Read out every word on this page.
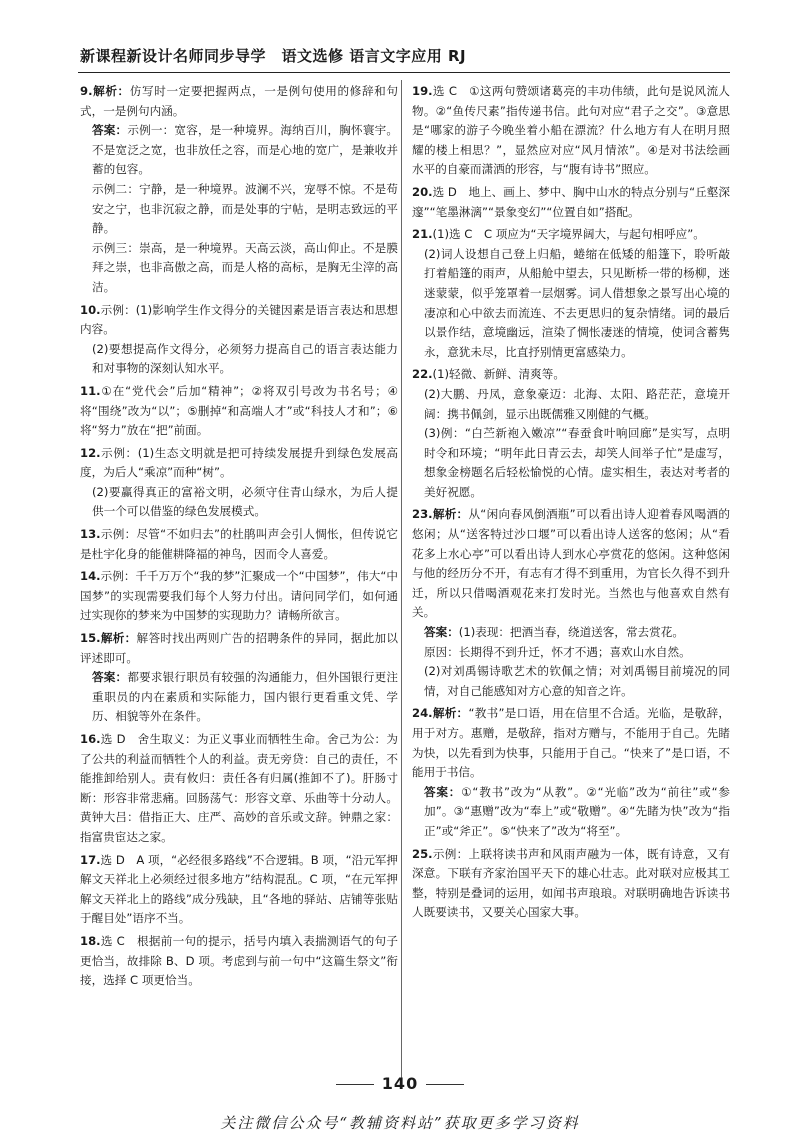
新课程新设计名师同步导学　语文选修 语言文字应用 RJ

9.解析：仿写时一定要把握两点，一是例句使用的修辞和句式，一是例句内涵。

答案：示例一：宽容，是一种境界。海纳百川，胸怀寰宇。不是宽泛之宽，也非放任之容，而是心地的宽广，是兼收并蓄的包容。

示例二：宁静，是一种境界。波澜不兴，宠辱不惊。不是苟安之宁，也非沉寂之静，而是处事的宁帖，是明志致远的平静。

示例三：崇高，是一种境界。天高云淡，高山仰止。不是膜拜之崇，也非高傲之高，而是人格的高标，是胸无尘滓的高洁。

10.示例：(1)影响学生作文得分的关键因素是语言表达和思想内容。

(2)要想提高作文得分，必须努力提高自己的语言表达能力和对事物的深刻认知水平。

11.①在“党代会”后加“精神”；②将双引号改为书名号；④将“围绕”改为“以”；⑤删掉“和高端人才”或“科技人才和”；⑥将“努力”放在“把”前面。

12.示例：(1)生态文明就是把可持续发展提升到绿色发展高度，为后人“乘凉”而种“树”。

(2)要赢得真正的富裕文明，必须守住青山绿水，为后人提供一个可以借鉴的绿色发展模式。

13.示例：尽管“不如归去”的杜鹃叫声会引人惆怅，但传说它是杜宇化身的能催耕降福的神鸟，因而令人喜爱。

14.示例：千千万万个“我的梦”汇聚成一个“中国梦”，伟大“中国梦”的实现需要我们每个人努力付出。请问同学们，如何通过实现你的梦来为中国梦的实现助力？请畅所欲言。

15.解析：解答时找出两则广告的招聘条件的异同，据此加以评述即可。

答案：都要求银行职员有较强的沟通能力，但外国银行更注重职员的内在素质和实际能力，国内银行更看重文凭、学历、相貌等外在条件。

16.选 D　舍生取义：为正义事业而牺牲生命。舍己为公：为了公共的利益而牺牲个人的利益。责无旁贷：自己的责任，不能推卸给别人。责有攸归：责任各有归属(推卸不了)。肝肠寸断：形容非常悲痛。回肠荡气：形容文章、乐曲等十分动人。黄钟大吕：借指正大、庄严、高妙的音乐或文辞。钟鼎之家：指富贵宦达之家。

17.选 D　A 项，“必经很多路线”不合逻辑。B 项，“沿元军押解文天祥北上必须经过很多地方”结构混乱。C 项，“在元军押解文天祥北上的路线”成分残缺，且“各地的驿站、店铺等张贴于醒目处”语序不当。

18.选 C　根据前一句的提示，括号内填入表揣测语气的句子更恰当，故排除 B、D 项。考虑到与前一句中“这篇生祭文”衔接，选择 C 项更恰当。

19.选 C　①这两句赞颂诸葛亮的丰功伟绩，此句是说风流人物。②“鱼传尺素”指传递书信。此句对应“君子之交”。③意思是“哪家的游子今晚坐着小船在漂流？什么地方有人在明月照耀的楼上相思？”，显然应对应“风月情浓”。④是对书法绘画水平的自豪而潇洒的形容，与“腹有诗书”照应。

20.选 D　地上、画上、梦中、胸中山水的特点分别与“丘壑深邃”“笔墨淋漓”“景象变幻”“位置自如”搭配。

21.(1)选 C　C 项应为“天字境界阔大，与起句相呼应”。

(2)词人设想自己登上归船，蜷缩在低矮的船篷下，聆听敲打着船篷的雨声，从船舱中望去，只见断桥一带的杨柳，迷迷蒙蒙，似乎笼罩着一层烟雾。词人借想象之景写出心境的凄凉和心中欲去而流连、不去更思归的复杂情绪。词的最后以景作结，意境幽远，渲染了惆怅凄迷的情境，使词含蓄隽永，意犹未尽，比直抒别情更富感染力。

22.(1)轻微、新鲜、清爽等。

(2)大鹏、丹凤，意象豪迈：北海、太阳、路茫茫，意境开阔：携书佩剑，显示出既儒雅又刚健的气概。

(3)例：“白苎新袍入嫩凉”“春蚕食叶响回廊”是实写，点明时令和环境；“明年此日青云去，却笑人间举子忙”是虚写，想象金榜题名后轻松愉悦的心情。虚实相生，表达对考者的美好祝愿。

23.解析：从“闲向春风倒酒瓶”可以看出诗人迎着春风喝酒的悠闲；从“送客特过沙口堰”可以看出诗人送客的悠闲；从“看花多上水心亭”可以看出诗人到水心亭赏花的悠闲。这种悠闲与他的经历分不开，有志有才得不到重用，为官长久得不到升迁，所以只借喝酒观花来打发时光。当然也与他喜欢自然有关。

答案：(1)表现：把酒当春，绕道送客，常去赏花。

原因：长期得不到升迁，怀才不遇；喜欢山水自然。

(2)对刘禹锡诗歌艺术的钦佩之情；对刘禹锡目前境况的同情，对自己能感知对方心意的知音之许。

24.解析：“教书”是口语，用在信里不合适。光临，是敬辞，用于对方。惠赠，是敬辞，指对方赠与，不能用于自己。先睹为快，以先看到为快事，只能用于自己。“快来了”是口语，不能用于书信。

答案：①“教书”改为“从教”。②“光临”改为“前往”或“参加”。③“惠赠”改为“奉上”或“敬赠”。④“先睹为快”改为“指正”或“斧正”。⑤“快来了”改为“将至”。

25.示例：上联将读书声和风雨声融为一体，既有诗意，又有深意。下联有齐家治国平天下的雄心壮志。此对联对应极其工整，特别是叠词的运用，如闻书声琅琅。对联明确地告诉读书人既要读书，又要关心国家大事。

140
关注微信公众号“教辅资料站”获取更多学习资料
